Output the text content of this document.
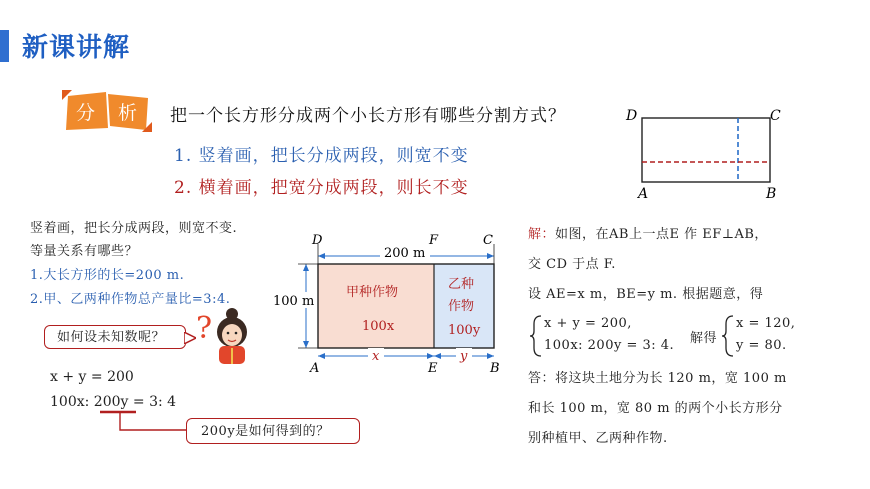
新课讲解
分 析 把一个长方形分成两个小长方形有哪些分割方式？
1. 竖着画，把长分成两段，则宽不变
2. 横着画，把宽分成两段，则长不变
D	C
A	B
竖着画，把长分成两段，则宽不变.
等量关系有哪些？
1.大长方形的长=200 m.
2.甲、乙两种作物总产量比=3:4.
如何设未知数呢？	?
x + y = 200
100x: 200y = 3: 4
200y是如何得到的？
200 m
100 m
x	y
甲种作物
100x
乙种
作物
100y
D	F	C
A	E	B
解：如图，在AB上一点E 作 EF⊥AB，
交 CD 于点 F.
设 AE=x m，BE=y m. 根据题意，得
x + y = 200,
100x: 200y = 3: 4. 解得
x = 120,
y = 80.
答：将这块土地分为长 120 m，宽 100 m
和长 100 m，宽 80 m 的两个小长方形分
别种植甲、乙两种作物.
